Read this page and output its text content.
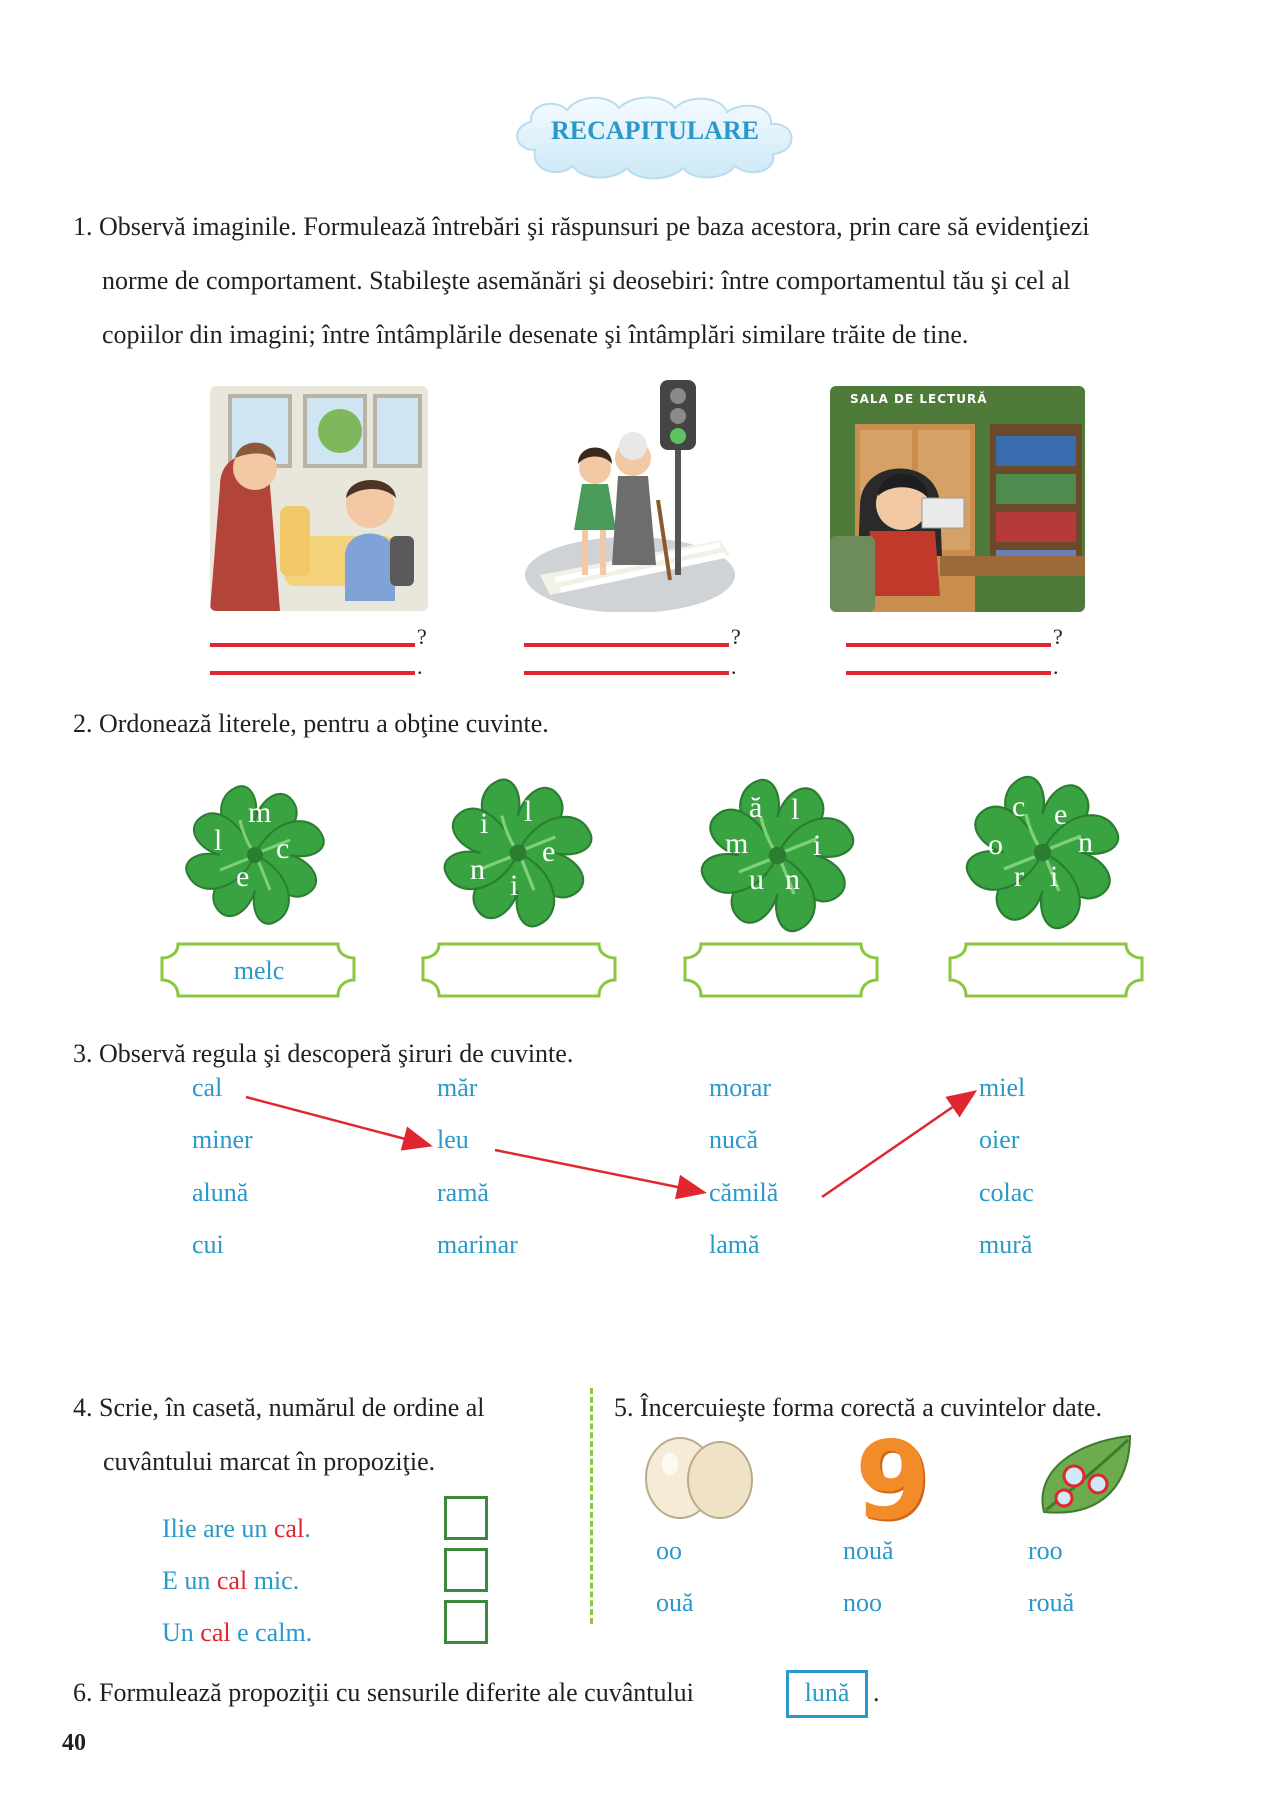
RECAPITULARE

1. Observă imaginile. Formulează întrebări şi răspunsuri pe baza acestora, prin care să evidenţiezi

norme de comportament. Stabileşte asemănări şi deosebiri: între comportamentul tău şi cel al

copiilor din imagini; între întâmplările desenate şi întâmplări similare trăite de tine.

SALA DE LECTURĂ
?
.
?
.
?
.
2. Ordonează literele, pentru a obţine cuvinte.
m
l c
e
i l
e
n i
ă l
m i
u n
c e
o	n
r i
melc
3. Observă regula şi descoperă şiruri de cuvinte.
cal
miner
alună
cui
măr
leu
ramă
marinar
morar
nucă
cămilă
lamă
miel
oier
colac
mură

4. Scrie, în casetă, numărul de ordine al

cuvântului marcat în propoziţie.

Ilie are un cal.
E un cal mic.
Un cal e calm.
5. Încercuieşte forma corectă a cuvintelor date.
9
oo
ouă
nouă
noo
roo
rouă
6. Formulează propoziţii cu sensurile diferite ale cuvântului	lună .
40
